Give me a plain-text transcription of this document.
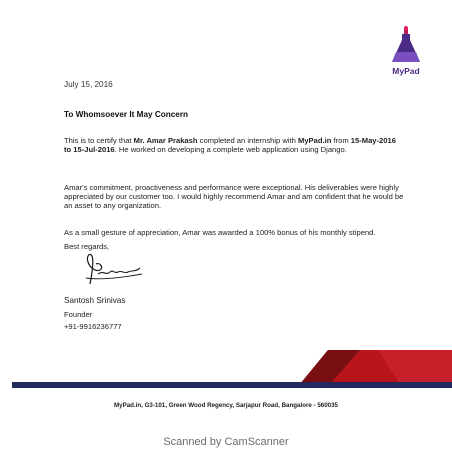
MyPad
July 15, 2016
To Whomsoever It May Concern

This is to certify that Mr. Amar Prakash completed an internship with MyPad.in from 15-May-2016 to 15-Jul-2016. He worked on developing a complete web application using Django.

Amar's commitment, proactiveness and performance were exceptional. His deliverables were highly appreciated by our customer too. I would highly recommend Amar and am confident that he would be an asset to any organization.

As a small gesture of appreciation, Amar was awarded a 100% bonus of his monthly stipend.

Best regards,
Santosh Srinivas
Founder
+91-9916236777
MyPad.in, G3-101, Green Wood Regency, Sarjapur Road, Bangalore - 560035
Scanned by CamScanner
